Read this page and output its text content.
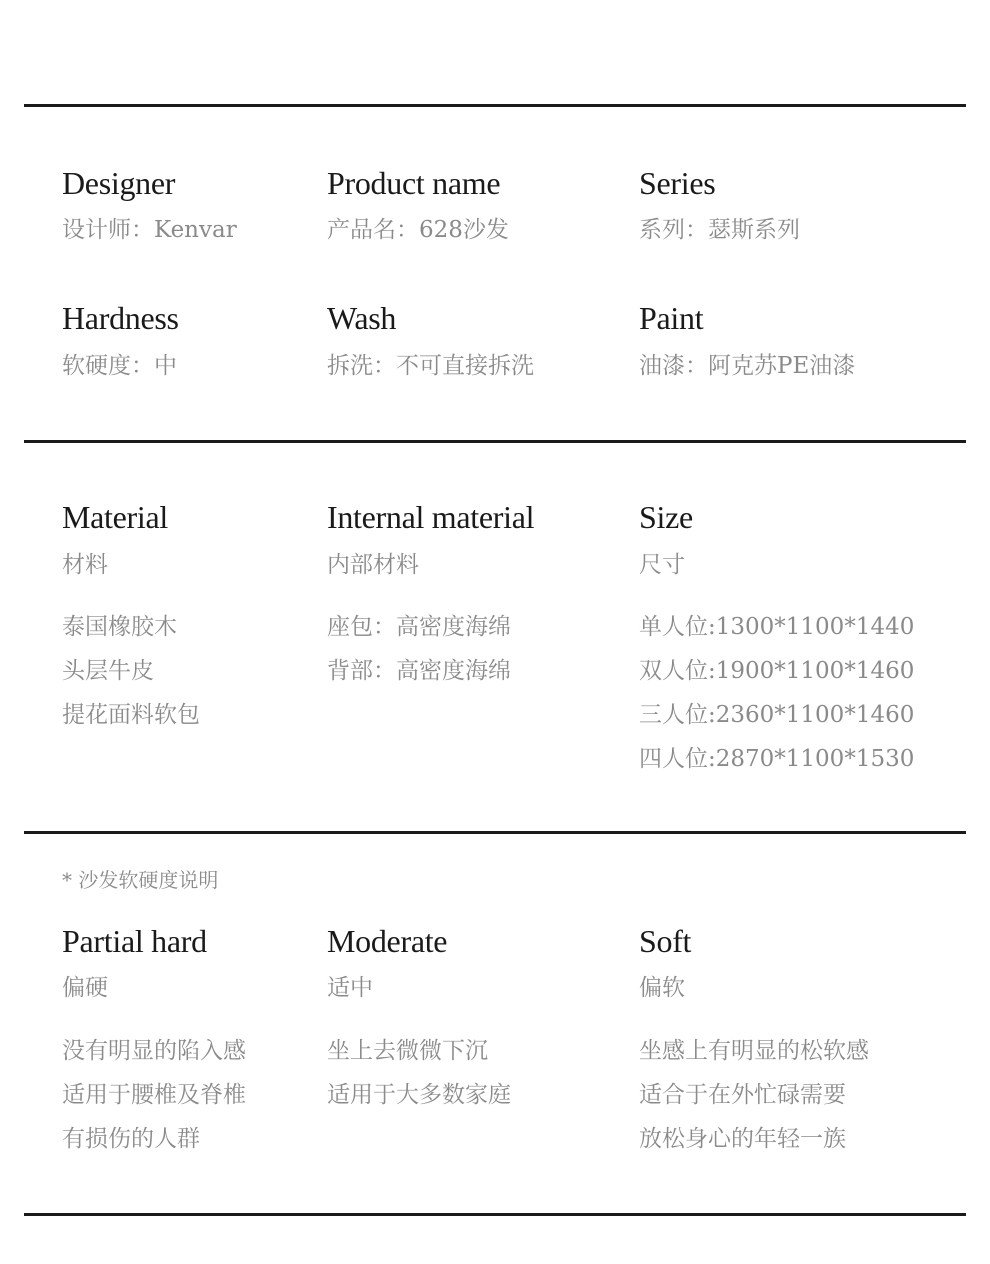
Designer
设计师：Kenvar
Product name
产品名：628沙发
Series
系列：瑟斯系列
Hardness
软硬度：中
Wash
拆洗：不可直接拆洗
Paint
油漆：阿克苏PE油漆
Material
材料
泰国橡胶木
头层牛皮
提花面料软包
Internal material
内部材料
座包：高密度海绵
背部：高密度海绵
Size
尺寸
单人位:1300*1100*1440
双人位:1900*1100*1460
三人位:2360*1100*1460
四人位:2870*1100*1530
* 沙发软硬度说明
Partial hard
偏硬
没有明显的陷入感
适用于腰椎及脊椎
有损伤的人群
Moderate
适中
坐上去微微下沉
适用于大多数家庭
Soft
偏软
坐感上有明显的松软感
适合于在外忙碌需要
放松身心的年轻一族
